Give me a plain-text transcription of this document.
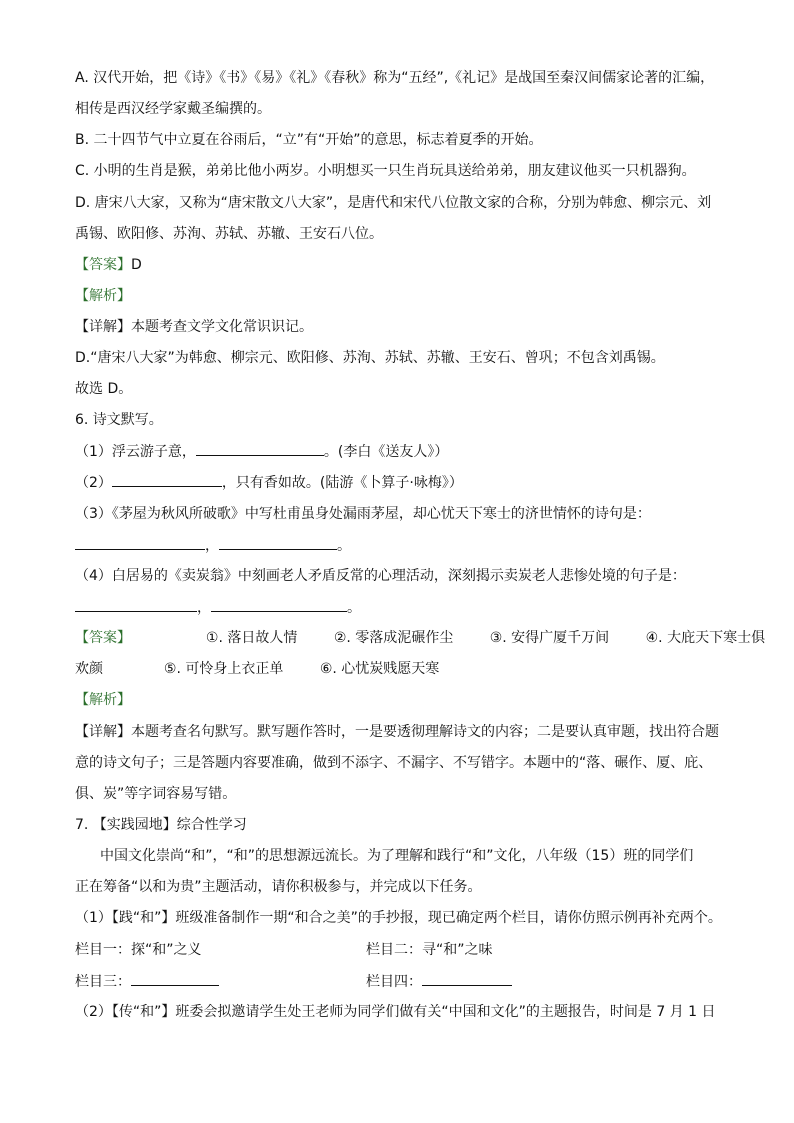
A. 汉代开始，把《诗》《书》《易》《礼》《春秋》称为“五经”,《礼记》是战国至秦汉间儒家论著的汇编，
相传是西汉经学家戴圣编撰的。
B. 二十四节气中立夏在谷雨后，“立”有“开始”的意思，标志着夏季的开始。
C. 小明的生肖是猴，弟弟比他小两岁。小明想买一只生肖玩具送给弟弟，朋友建议他买一只机器狗。
D. 唐宋八大家，又称为“唐宋散文八大家”，是唐代和宋代八位散文家的合称，分别为韩愈、柳宗元、刘
禹锡、欧阳修、苏洵、苏轼、苏辙、王安石八位。
【答案】D
【解析】
【详解】本题考查文学文化常识识记。
D.“唐宋八大家”为韩愈、柳宗元、欧阳修、苏洵、苏轼、苏辙、王安石、曾巩；不包含刘禹锡。
故选 D。
6. 诗文默写。
（1）浮云游子意，	。(李白《送友人》）
（2）	，只有香如故。(陆游《卜算子·咏梅》）
（3）《茅屋为秋风所破歌》中写杜甫虽身处漏雨茅屋，却心忧天下寒士的济世情怀的诗句是：
，	。
（4）白居易的《卖炭翁》中刻画老人矛盾反常的心理活动，深刻揭示卖炭老人悲惨处境的句子是：
，	。
【答案】	①. 落日故人情	②. 零落成泥碾作尘	③. 安得广厦千万间	④. 大庇天下寒士俱
欢颜	⑤. 可怜身上衣正单	⑥. 心忧炭贱愿天寒
【解析】
【详解】本题考查名句默写。默写题作答时，一是要透彻理解诗文的内容；二是要认真审题，找出符合题
意的诗文句子；三是答题内容要准确，做到不添字、不漏字、不写错字。本题中的“落、碾作、厦、庇、
俱、炭”等字词容易写错。
7. 【实践园地】综合性学习
中国文化崇尚“和”，“和”的思想源远流长。为了理解和践行“和”文化，八年级（15）班的同学们
正在筹备“以和为贵”主题活动，请你积极参与，并完成以下任务。
（1）【践“和”】班级准备制作一期“和合之美”的手抄报，现已确定两个栏目，请你仿照示例再补充两个。
栏目一：探“和”之义	栏目二：寻“和”之味
栏目三：	栏目四：
（2）【传“和”】班委会拟邀请学生处王老师为同学们做有关“中国和文化”的主题报告，时间是 7 月 1 日
